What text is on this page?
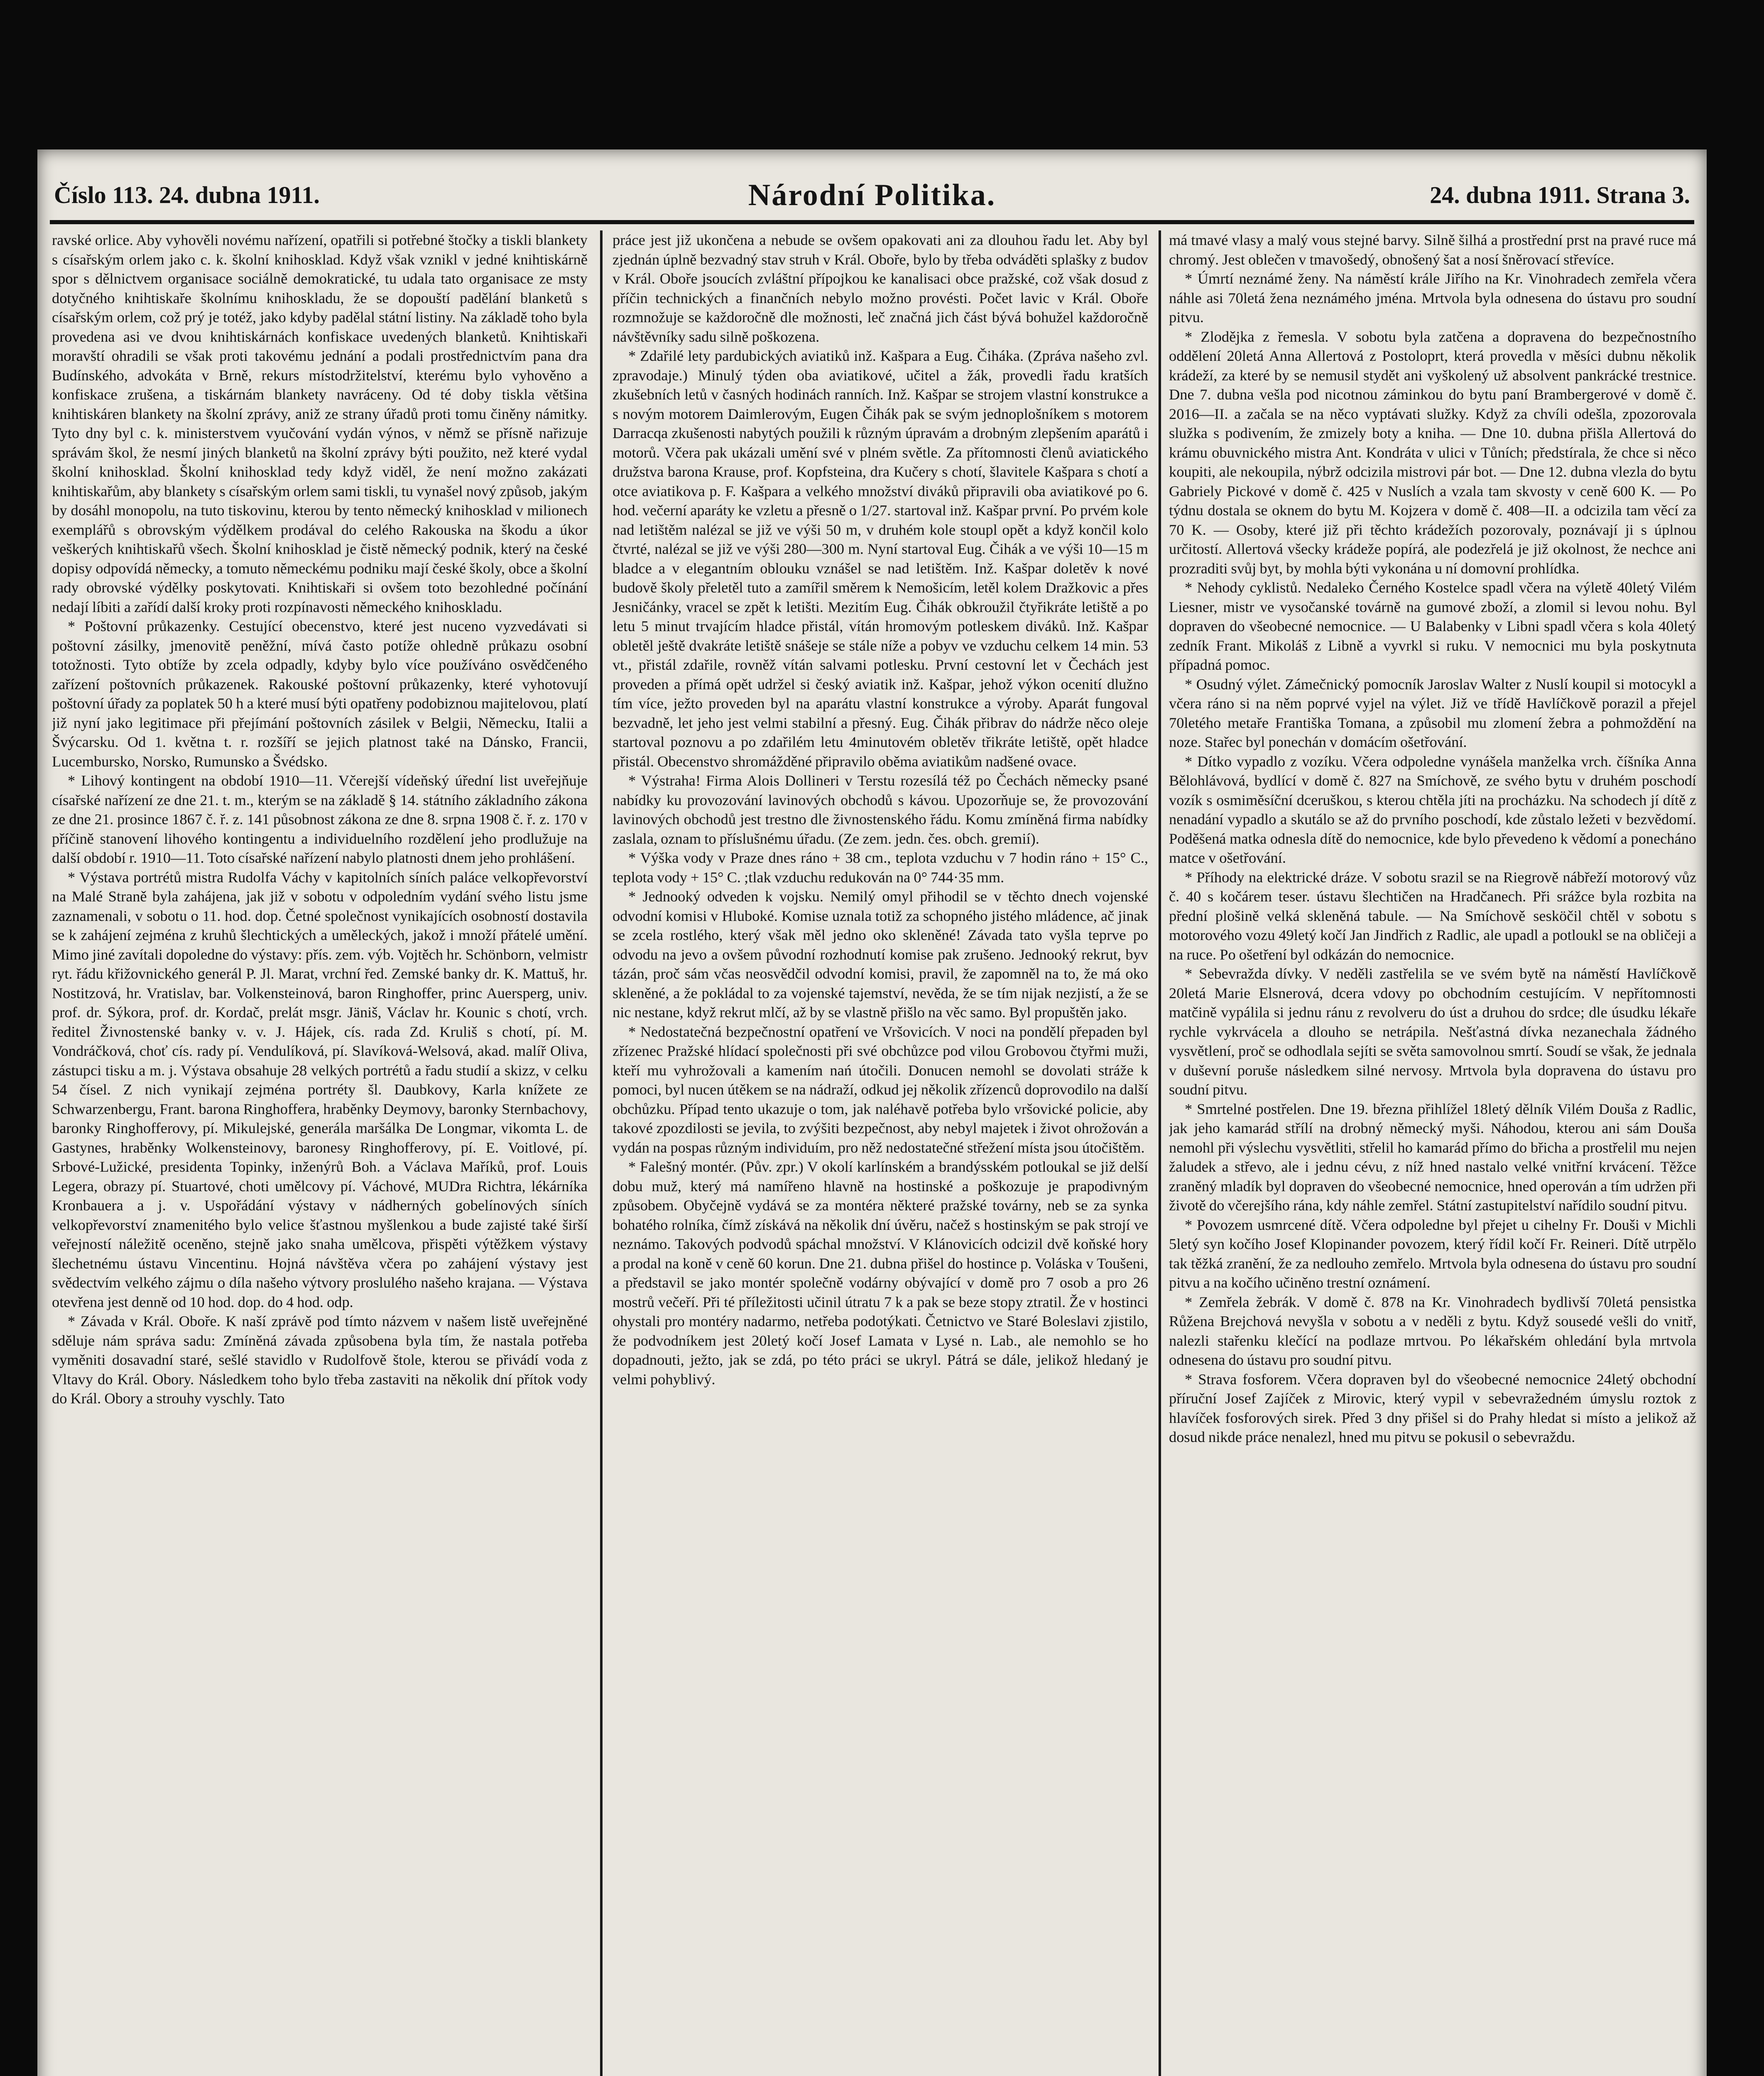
Číslo 113. 24. dubna 1911.	Národní Politika.	24. dubna 1911. Strana 3.

ravské orlice. Aby vyhověli novému nařízení, opatřili si potřebné štočky a tiskli blankety s císařským orlem jako c. k. školní knihosklad. Když však vznikl v jedné knihtiskárně spor s dělnictvem organisace sociálně demokratické, tu udala tato organisace ze msty dotyčného knihtiskaře školnímu knihoskladu, že se dopouští padělání blanketů s císařským orlem, což prý je totéž, jako kdyby padělal státní listiny. Na základě toho byla provedena asi ve dvou knihtiskárnách konfiskace uvedených blanketů. Knihtiskaři moravští ohradili se však proti takovému jednání a podali prostřednictvím pana dra Budínského, advokáta v Brně, rekurs místodržitelství, kterému bylo vyhověno a konfiskace zrušena, a tiskárnám blankety navráceny. Od té doby tiskla většina knihtiskáren blankety na školní zprávy, aniž ze strany úřadů proti tomu činěny námitky. Tyto dny byl c. k. ministerstvem vyučování vydán výnos, v němž se přísně nařizuje správám škol, že nesmí jiných blanketů na školní zprávy býti použito, než které vydal školní knihosklad. Školní knihosklad tedy když viděl, že není možno zakázati knihtiskařům, aby blankety s císařským orlem sami tiskli, tu vynašel nový způsob, jakým by dosáhl monopolu, na tuto tiskovinu, kterou by tento německý knihosklad v milionech exemplářů s obrovským výdělkem prodával do celého Rakouska na škodu a úkor veškerých knihtiskařů všech. Školní knihosklad je čistě německý podnik, který na české dopisy odpovídá německy, a tomuto německému podniku mají české školy, obce a školní rady obrovské výdělky poskytovati. Knihtiskaři si ovšem toto bezohledné počínání nedají líbiti a zařídí další kroky proti rozpínavosti německého knihoskladu.

* Poštovní průkazenky. Cestující obecenstvo, které jest nucenо vyzvedávati si poštovní zásilky, jmenovitě peněžní, mívá často potíže ohledně průkazu osobní totožnosti. Tyto obtíže by zcela odpadly, kdyby bylo více používáno osvědčeného zařízení poštovních průkazenek. Rakouské poštovní průkazenky, které vyhotovují poštovní úřady za poplatek 50 h a které musí býti opatřeny podobiznou majitelovou, platí již nyní jako legitimace při přejímání poštovních zásilek v Belgii, Německu, Italii a Švýcarsku. Od 1. května t. r. rozšíří se jejich platnost také na Dánsko, Francii, Lucembursko, Norsko, Rumunsko a Švédsko.

* Lihový kontingent na období 1910—11. Včerejší vídeňský úřední list uveřejňuje císařské nařízení ze dne 21. t. m., kterým se na základě § 14. státního základního zákona ze dne 21. prosince 1867 č. ř. z. 141 působnost zákona ze dne 8. srpna 1908 č. ř. z. 170 v příčině stanovení lihového kontingentu a individuelního rozdělení jeho prodlužuje na další období r. 1910—11. Toto císařské nařízení nabylo platnosti dnem jeho prohlášení.

* Výstava portrétů mistra Rudolfa Váchy v kapitolních síních paláce velkopřevorství na Malé Straně byla zahájena, jak již v sobotu v odpoledním vydání svého listu jsme zaznamenali, v sobotu o 11. hod. dop. Četné společnost vynikajících osobností dostavila se k zahájení zejména z kruhů šlechtických a uměleckých, jakož i množí přátelé umění. Mimo jiné zavítali dopoledne do výstavy: přís. zem. výb. Vojtěch hr. Schönborn, velmistr ryt. řádu křižovnického generál P. Jl. Marat, vrchní řed. Zemské banky dr. K. Mattuš, hr. Nostitzová, hr. Vratislav, bar. Volkensteinová, baron Ringhoffer, princ Auersperg, univ. prof. dr. Sýkora, prof. dr. Kordač, prelát msgr. Jäniš, Václav hr. Kounic s chotí, vrch. ředitel Živnostenské banky v. v. J. Hájek, cís. rada Zd. Kruliš s chotí, pí. M. Vondráčková, choť cís. rady pí. Vendulíková, pí. Slavíková-Welsová, akad. malíř Oliva, zástupci tisku a m. j. Výstava obsahuje 28 velkých portrétů a řadu studií a skizz, v celku 54 čísel. Z nich vynikají zejména portréty šl. Daubkovy, Karla knížete ze Schwarzenbergu, Frant. barona Ringhoffera, hraběnky Deymovy, baronky Sternbachovy, baronky Ringhofferovy, pí. Mikulejské, generála maršálka De Longmar, vikomta L. de Gastynes, hraběnky Wolkensteinovy, baronesy Ringhofferovy, pí. E. Voitlové, pí. Srbové-Lužické, presidenta Topinky, inženýrů Boh. a Václava Maříků, prof. Louis Legera, obrazy pí. Stuartové, choti umělcovy pí. Váchové, MUDra Richtra, lékárníka Kronbauera a j. v. Uspořádání výstavy v nádherných gobelínových síních velkopřevorství znamenitého bylo velice šťastnou myšlenkou a bude zajisté také širší veřejností náležitě oceněno, stejně jako snaha umělcova, přispěti výtěžkem výstavy šlechetnému ústavu Vincentinu. Hojná návštěva včera po zahájení výstavy jest svědectvím velkého zájmu o díla našeho výtvory proslulého našeho krajana. — Výstava otevřena jest denně od 10 hod. dop. do 4 hod. odp.

* Závada v Král. Oboře. K naší zprávě pod tímto názvem v našem listě uveřejněné sděluje nám správa sadu: Zmíněná závada způsobena byla tím, že nastala potřeba vyměniti dosavadní staré, sešlé stavidlo v Rudolfově štole, kterou se přivádí voda z Vltavy do Král. Obory. Následkem toho bylo třeba zastaviti na několik dní přítok vody do Král. Obory a strouhy vyschly. Tato

práce jest již ukončena a nebude se ovšem opakovati ani za dlouhou řadu let. Aby byl zjednán úplně bezvadný stav struh v Král. Oboře, bylo by třeba odváděti splašky z budov v Král. Oboře jsoucích zvláštní přípojkou ke kanalisaci obce pražské, což však dosud z příčin technických a finančních nebylo možno provésti. Počet lavic v Král. Oboře rozmnožuje se každoročně dle možnosti, leč značná jich část bývá bohužel každoročně návštěvníky sadu silně poškozena.

* Zdařilé lety pardubických aviatiků inž. Kašpara a Eug. Čiháka. (Zpráva našeho zvl. zpravodaje.) Minulý týden oba aviatikové, učitel a žák, provedli řadu kratších zkušebních letů v časných hodinách ranních. Inž. Kašpar se strojem vlastní konstrukce a s novým motorem Daimlerovým, Eugen Čihák pak se svým jednoplošníkem s motorem Darracqa zkušenosti nabytých použili k různým úpravám a drobným zlepšením aparátů i motorů. Včera pak ukázali umění své v plném světle. Za přítomnosti členů aviatického družstva barona Krause, prof. Kopfsteina, dra Kučery s chotí, šlavitele Kašpara s chotí a otce aviatikova p. F. Kašpara a velkého množství diváků připravili oba aviatikové po 6. hod. večerní aparáty ke vzletu a přesně o 1/27. startoval inž. Kašpar první. Po prvém kole nad letištěm nalézal se již ve výši 50 m, v druhém kole stoupl opět a když končil kolo čtvrté, nalézal se již ve výši 280—300 m. Nyní startoval Eug. Čihák a ve výši 10—15 m bladce a v elegantním oblouku vznášel se nad letištěm. Inž. Kašpar doletěv k nové budově školy přeletěl tuto a zamířil směrem k Nemošicím, letěl kolem Dražkovic a přes Jesničánky, vracel se zpět k letišti. Mezitím Eug. Čihák obkroužil čtyřikráte letiště a po letu 5 minut trvajícím hladce přistál, vítán hromovým potleskem diváků. Inž. Kašpar obletěl ještě dvakráte letiště snášeje se stále níže a pobyv ve vzduchu celkem 14 min. 53 vt., přistál zdařile, rovněž vítán salvami potlesku. První cestovní let v Čechách jest proveden a přímá opět udržel si český aviatik inž. Kašpar, jehož výkon ocenití dlužno tím více, ježto proveden byl na aparátu vlastní konstrukce a výroby. Aparát fungoval bezvadně, let jeho jest velmi stabilní a přesný. Eug. Čihák přibrav do nádrže něco oleje startoval poznovu a po zdařilém letu 4minutovém obletěv třikráte letiště, opět hladce přistál. Obecenstvo shromážděné připravilo oběma aviatikům nadšené ovace.

* Výstraha! Firma Alois Dollineri v Terstu rozesílá též po Čechách německy psané nabídky ku provozování lavinových obchodů s kávou. Upozorňuje se, že provozování lavinových obchodů jest trestno dle živnostenského řádu. Komu zmíněná firma nabídky zaslala, oznam to příslušnému úřadu. (Ze zem. jedn. čes. obch. gremií).

* Výška vody v Praze dnes ráno + 38 cm., teplota vzduchu v 7 hodin ráno + 15° C., teplota vody + 15° C. ;tlak vzduchu redukován na 0° 744·35 mm.

* Jednooký odveden k vojsku. Nemilý omyl přihodil se v těchto dnech vojenské odvodní komisi v Hluboké. Komise uznala totiž za schopného jistého mládence, ač jinak se zcela rostlého, který však měl jedno oko skleněné! Závada tato vyšla teprve po odvodu na jevo a ovšem původní rozhodnutí komise pak zrušeno. Jednooký rekrut, byv tázán, proč sám včas neosvědčil odvodní komisi, pravil, že zapomněl na to, že má oko skleněné, a že pokládal to za vojenské tajemství, nevěda, že se tím nijak nezjistí, a že se nic nestane, když rekrut mlčí, až by se vlastně přišlo na věc samo. Byl propuštěn jako.

* Nedostatečná bezpečnostní opatření ve Vršovicích. V noci na pondělí přepaden byl zřízenec Pražské hlídací společnosti při své obchůzce pod vilou Grobovou čtyřmi muži, kteří mu vyhrožovali a kamením nań útočili. Donucen nemohl se dovolati stráže k pomoci, byl nucen útěkem se na nádraží, odkud jej několik zřízenců doprovodilo na další obchůzku. Případ tento ukazuje o tom, jak naléhavě potřeba bylo vršovické policie, aby takové zpozdilosti se jevila, to zvýšiti bezpečnost, aby nebyl majetek i život ohrožován a vydán na pospas různým individuím, pro něž nedostatečné střežení místa jsou útočištěm.

* Falešný montér. (Pův. zpr.) V okolí karlínském a brandýsském potloukal se již delší dobu muž, který má namířeno hlavně na hostinské a poškozuje je prapodivným způsobem. Obyčejně vydává se za montéra některé pražské továrny, neb se za synka bohatého rolníka, čímž získává na několik dní úvěru, načež s hostinským se pak strojí ve neznámo. Takových podvodů spáchal množství. V Klánovicích odcizil dvě koňské hory a prodal na koně v ceně 60 korun. Dne 21. dubna přišel do hostince p. Voláska v Toušeni, a představil se jako montér společně vodárny obývající v domě pro 7 osob a pro 26 mostrů večeří. Při té příležitosti učinil útratu 7 k a pak se beze stopy ztratil. Že v hostinci ohystali pro montéry nadarmo, netřeba podotýkati. Četnictvo ve Staré Boleslavi zjistilo, že podvodníkem jest 20letý kočí Josef Lamata v Lysé n. Lab., ale nemohlo se ho dopadnouti, ježto, jak se zdá, po této práci se ukryl. Pátrá se dále, jelikož hledaný je velmi pohyblivý.

má tmavé vlasy a malý vous stejné barvy. Silně šilhá a prostřední prst na pravé ruce má chromý. Jest oblečen v tmavošedý, obnošený šat a nosí šněrovací střevíce.

* Úmrtí neznámé ženy. Na náměstí krále Jiřího na Kr. Vinohradech zemřela včera náhle asi 70letá žena neznámého jména. Mrtvola byla odnesena do ústavu pro soudní pitvu.

* Zlodějka z řemesla. V sobotu byla zatčena a dopravena do bezpečnostního oddělení 20letá Anna Allertová z Postoloprt, která provedla v měsíci dubnu několik krádeží, za které by se nemusil stydět ani vyškolený už absolvent pankrácké trestnice. Dne 7. dubna vešla pod nicotnou záminkou do bytu paní Brambergerové v domě č. 2016—II. a začala se na něco vyptávati služky. Když za chvíli odešla, zpozorovala služka s podivením, že zmizely boty a kniha. — Dne 10. dubna přišla Allertová do krámu obuvnického mistra Ant. Kondráta v ulici v Tůních; předstírala, že chce si něco koupiti, ale nekoupila, nýbrž odcizila mistrovi pár bot. — Dne 12. dubna vlezla do bytu Gabriely Pickové v domě č. 425 v Nuslích a vzala tam skvosty v ceně 600 K. — Po týdnu dostala se oknem do bytu M. Kojzera v domě č. 408—II. a odcizila tam věcí za 70 K. — Osoby, které již při těchto krádežích pozorovaly, poznávají ji s úplnou určitostí. Allertová všecky krádeže popírá, ale podezřelá je již okolnost, že nechce ani prozraditi svůj byt, by mohla býti vykonána u ní domovní prohlídka.

* Nehody cyklistů. Nedaleko Černého Kostelce spadl včera na výletě 40letý Vilém Liesner, mistr ve vysočanské továrně na gumové zboží, a zlomil si levou nohu. Byl dopraven do všeobecné nemocnice. — U Balabenky v Libni spadl včera s kola 40letý zedník Frant. Mikoláš z Libně a vyvrkl si ruku. V nemocnici mu byla poskytnuta případná pomoc.

* Osudný výlet. Zámečnický pomocník Jaroslav Walter z Nuslí koupil si motocykl a včera ráno si na něm poprvé vyjel na výlet. Již ve třídě Havlíčkově porazil a přejel 70letého metaře Františka Tomana, a způsobil mu zlomení žebra a pohmoždění na noze. Stařec byl ponechán v domácím ošetřování.

* Dítko vypadlo z vozíku. Včera odpoledne vynášela manželka vrch. číšníka Anna Bělohlávová, bydlící v domě č. 827 na Smíchově, ze svého bytu v druhém poschodí vozík s osmiměsíční dceruškou, s kterou chtěla jíti na procházku. Na schodech jí dítě z nenadání vypadlo a skutálo se až do prvního poschodí, kde zůstalo ležeti v bezvědomí. Poděšená matka odnesla dítě do nemocnice, kde bylo převedeno k vědomí a ponecháno matce v ošetřování.

* Příhody na elektrické dráze. V sobotu srazil se na Riegrově nábřeží motorový vůz č. 40 s kočárem teser. ústavu šlechtičen na Hradčanech. Při srážce byla rozbita na přední plošině velká skleněná tabule. — Na Smíchově sesköčil chtěl v sobotu s motorového vozu 49letý kočí Jan Jindřich z Radlic, ale upadl a potloukl se na obličeji a na ruce. Po ošetření byl odkázán do nemocnice.

* Sebevražda dívky. V neděli zastřelila se ve svém bytě na náměstí Havlíčkově 20letá Marie Elsnerová, dcera vdovy po obchodním cestujícím. V nepřítomnosti matčině vypálila si jednu ránu z revolveru do úst a druhou do srdce; dle úsudku lékaře rychle vykrvácela a dlouho se netrápila. Nešťastná dívka nezanechala žádného vysvětlení, proč se odhodlala sejíti se světa samovolnou smrtí. Soudí se však, že jednala v duševní poruše následkem silné nervosy. Mrtvola byla dopravena do ústavu pro soudní pitvu.

* Smrtelné postřelen. Dne 19. března přihlížel 18letý dělník Vilém Douša z Radlic, jak jeho kamarád střílí na drobný německý myši. Náhodou, kterou ani sám Douša nemohl při výslechu vysvětliti, střelil ho kamarád přímo do břicha a prostřelil mu nejen žaludek a střevo, ale i jednu cévu, z níž hned nastalo velké vnitřní krvácení. Těžce zraněný mladík byl dopraven do všeobecné nemocnice, hned operován a tím udržen při životě do včerejšího rána, kdy náhle zemřel. Státní zastupitelství nařídilo soudní pitvu.

* Povozem usmrcené dítě. Včera odpoledne byl přejet u cihelny Fr. Douši v Michli 5letý syn kočího Josef Klopinander povozem, který řídil kočí Fr. Reineri. Dítě utrpělo tak těžká zranění, že za nedlouho zemřelo. Mrtvola byla odnesena do ústavu pro soudní pitvu a na kočího učiněno trestní oznámení.

* Zemřela žebrák. V domě č. 878 na Kr. Vinohradech bydlivší 70letá pensistka Růžena Brejchová nevyšla v sobotu a v neděli z bytu. Když sousedé vešli do vnitř, nalezli stařenku klečící na podlaze mrtvou. Po lékařském ohledání byla mrtvola odnesena do ústavu pro soudní pitvu.

* Strava fosforem. Včera dopraven byl do všeobecné nemocnice 24letý obchodní příruční Josef Zajíček z Mirovic, který vypil v sebevražedném úmyslu roztok z hlavíček fosforových sirek. Před 3 dny přišel si do Prahy hledat si místo a jelikož až dosud nikde práce nenalezl, hned mu pitvu se pokusil o sebevraždu.
